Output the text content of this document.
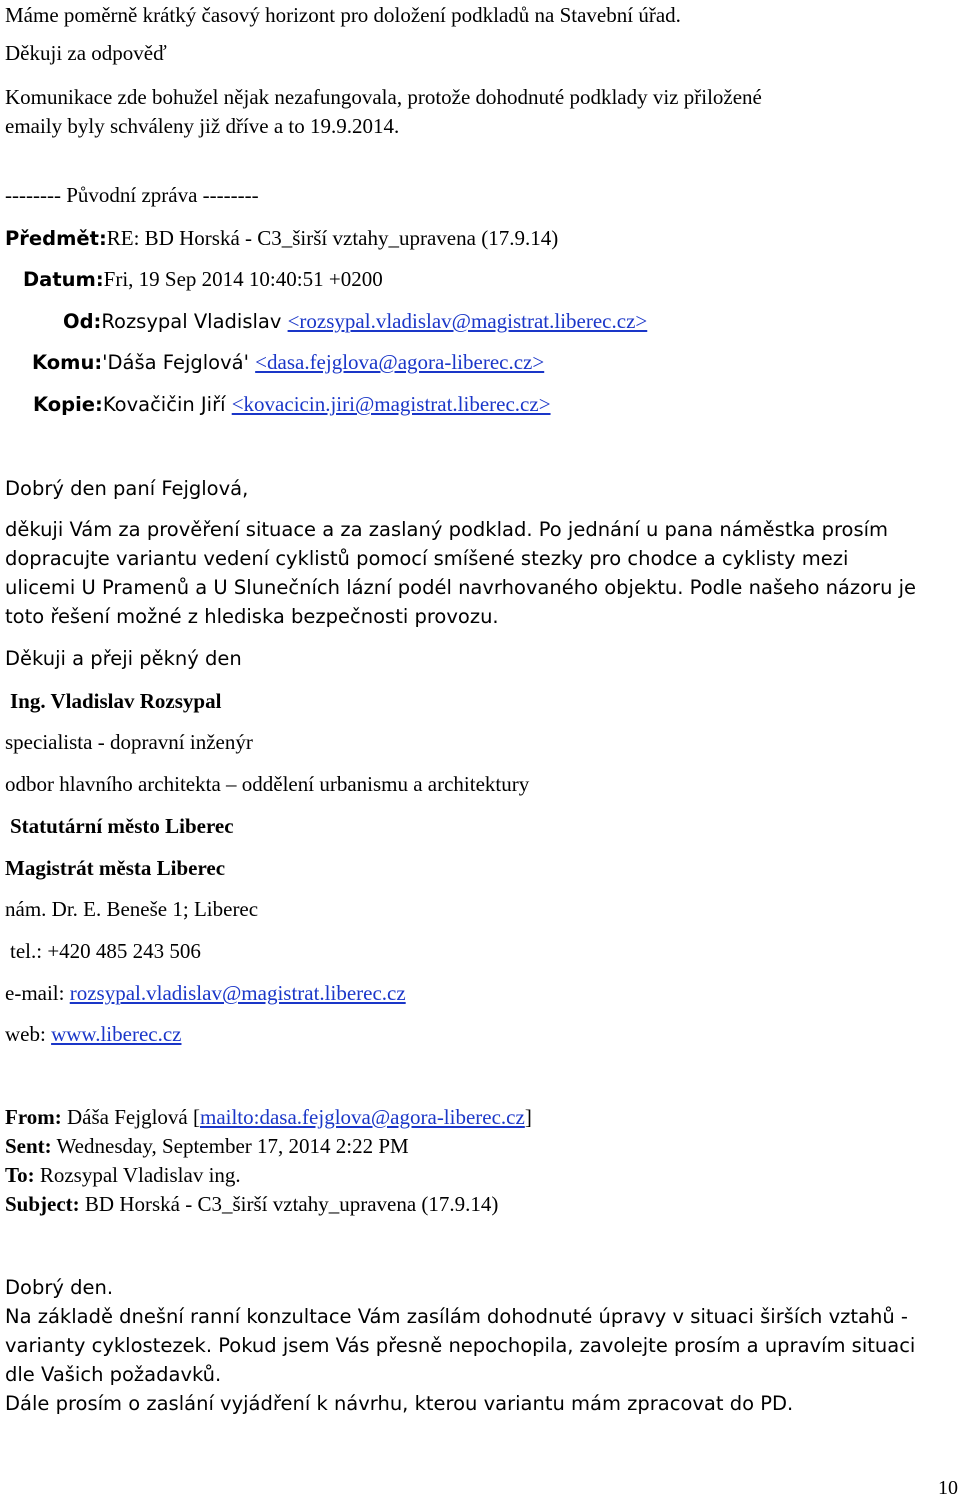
Máme poměrně krátký časový horizont pro doložení podkladů na Stavební úřad.
Děkuji za odpověď
Komunikace zde bohužel nějak nezafungovala, protože dohodnuté podklady viz přiložené
emaily byly schváleny již dříve a to 19.9.2014.
-------- Původní zpráva --------
Předmět:RE: BD Horská - C3_širší vztahy_upravena (17.9.14)
Datum:Fri, 19 Sep 2014 10:40:51 +0200
Od:Rozsypal Vladislav <rozsypal.vladislav@magistrat.liberec.cz>
Komu:'Dáša Fejglová' <dasa.fejglova@agora-liberec.cz>
Kopie:Kovačičin Jiří <kovacicin.jiri@magistrat.liberec.cz>
Dobrý den paní Fejglová,
děkuji Vám za prověření situace a za zaslaný podklad. Po jednání u pana náměstka prosím
dopracujte variantu vedení cyklistů pomocí smíšené stezky pro chodce a cyklisty mezi
ulicemi U Pramenů a U Slunečních lázní podél navrhovaného objektu. Podle našeho názoru je
toto řešení možné z hlediska bezpečnosti provozu.
Děkuji a přeji pěkný den
Ing. Vladislav Rozsypal
specialista - dopravní inženýr
odbor hlavního architekta – oddělení urbanismu a architektury
Statutární město Liberec
Magistrát města Liberec
nám. Dr. E. Beneše 1; Liberec
tel.: +420 485 243 506
e-mail: rozsypal.vladislav@magistrat.liberec.cz
web: www.liberec.cz
From: Dáša Fejglová [mailto:dasa.fejglova@agora-liberec.cz]
Sent: Wednesday, September 17, 2014 2:22 PM
To: Rozsypal Vladislav ing.
Subject: BD Horská - C3_širší vztahy_upravena (17.9.14)
Dobrý den.
Na základě dnešní ranní konzultace Vám zasílám dohodnuté úpravy v situaci širších vztahů -
varianty cyklostezek. Pokud jsem Vás přesně nepochopila, zavolejte prosím a upravím situaci
dle Vašich požadavků.
Dále prosím o zaslání vyjádření k návrhu, kterou variantu mám zpracovat do PD.
10
